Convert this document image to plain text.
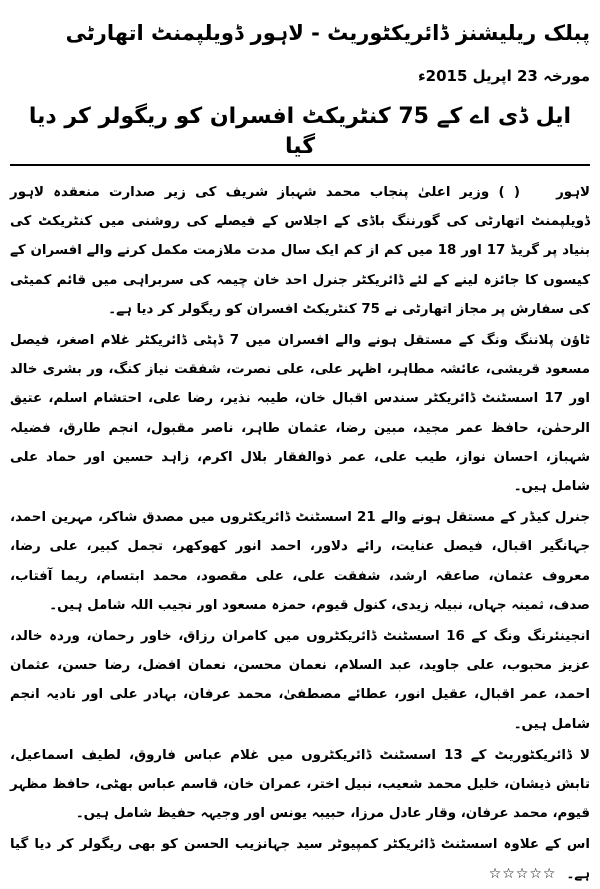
پبلک ریلیشنز ڈائریکٹوریٹ - لاہور ڈویلپمنٹ اتھارٹی
مورخہ 23 اپریل 2015ء
ایل ڈی اے کے 75 کنٹریکٹ افسران کو ریگولر کر دیا گیا

لاہور( ) وزیر اعلیٰ پنجاب محمد شہباز شریف کی زیر صدارت منعقدہ لاہور ڈویلپمنٹ اتھارٹی کی گورننگ باڈی کے اجلاس کے فیصلے کی روشنی میں کنٹریکٹ کی بنیاد پر گریڈ 17 اور 18 میں کم از کم ایک سال مدت ملازمت مکمل کرنے والے افسران کے کیسوں کا جائزہ لینے کے لئے ڈائریکٹر جنرل احد خان چیمہ کی سربراہی میں قائم کمیٹی کی سفارش پر مجاز اتھارٹی نے 75 کنٹریکٹ افسران کو ریگولر کر دیا ہے۔

ٹاؤن پلاننگ ونگ کے مستقل ہونے والے افسران میں 7 ڈپٹی ڈائریکٹر غلام اصغر، فیصل مسعود قریشی، عائشہ مطاہر، اظہر علی، علی نصرت، شفقت نیاز کنگ، ور بشری خالد اور 17 اسسٹنٹ ڈائریکٹر سندس اقبال خان، طیبہ نذیر، رضا علی، احتشام اسلم، عتیق الرحمٰن، حافظ عمر مجید، مبین رضا، عثمان طاہر، ناصر مقبول، انجم طارق، فضیلہ شہباز، احسان نواز، طیب علی، عمر ذوالفقار بلال اکرم، زاہد حسین اور حماد علی شامل ہیں۔

جنرل کیڈر کے مستقل ہونے والے 21 اسسٹنٹ ڈائریکٹروں میں مصدق شاکر، مہرین احمد، جہانگیر اقبال، فیصل عنایت، رائے دلاور، احمد انور کھوکھر، تجمل کبیر، علی رضا، معروف عثمان، صاعقہ ارشد، شفقت علی، علی مقصود، محمد ابتسام، ریما آفتاب، صدف، ثمینہ جہاں، نبیلہ زیدی، کنول قیوم، حمزہ مسعود اور نجیب اللہ شامل ہیں۔

انجینئرنگ ونگ کے 16 اسسٹنٹ ڈائریکٹروں میں کامران رزاق، خاور رحمان، وردہ خالد، عزیز محبوب، علی جاوید، عبد السلام، نعمان محسن، نعمان افضل، رضا حسن، عثمان احمد، عمر اقبال، عقیل انور، عطائے مصطفیٰ، محمد عرفان، بہادر علی اور نادیہ انجم شامل ہیں۔

لا ڈائریکٹوریٹ کے 13 اسسٹنٹ ڈائریکٹروں میں غلام عباس فاروق، لطیف اسماعیل، تابش ذیشان، خلیل محمد شعیب، نبیل اختر، عمران خان، قاسم عباس بھٹی، حافظ مظہر قیوم، محمد عرفان، وقار عادل مرزا، حبیبہ یونس اور وجیہہ حفیظ شامل ہیں۔

اس کے علاوہ اسسٹنٹ ڈائریکٹر کمپیوٹر سید جہانزیب الحسن کو بھی ریگولر کر دیا گیا ہے۔☆☆☆☆☆
